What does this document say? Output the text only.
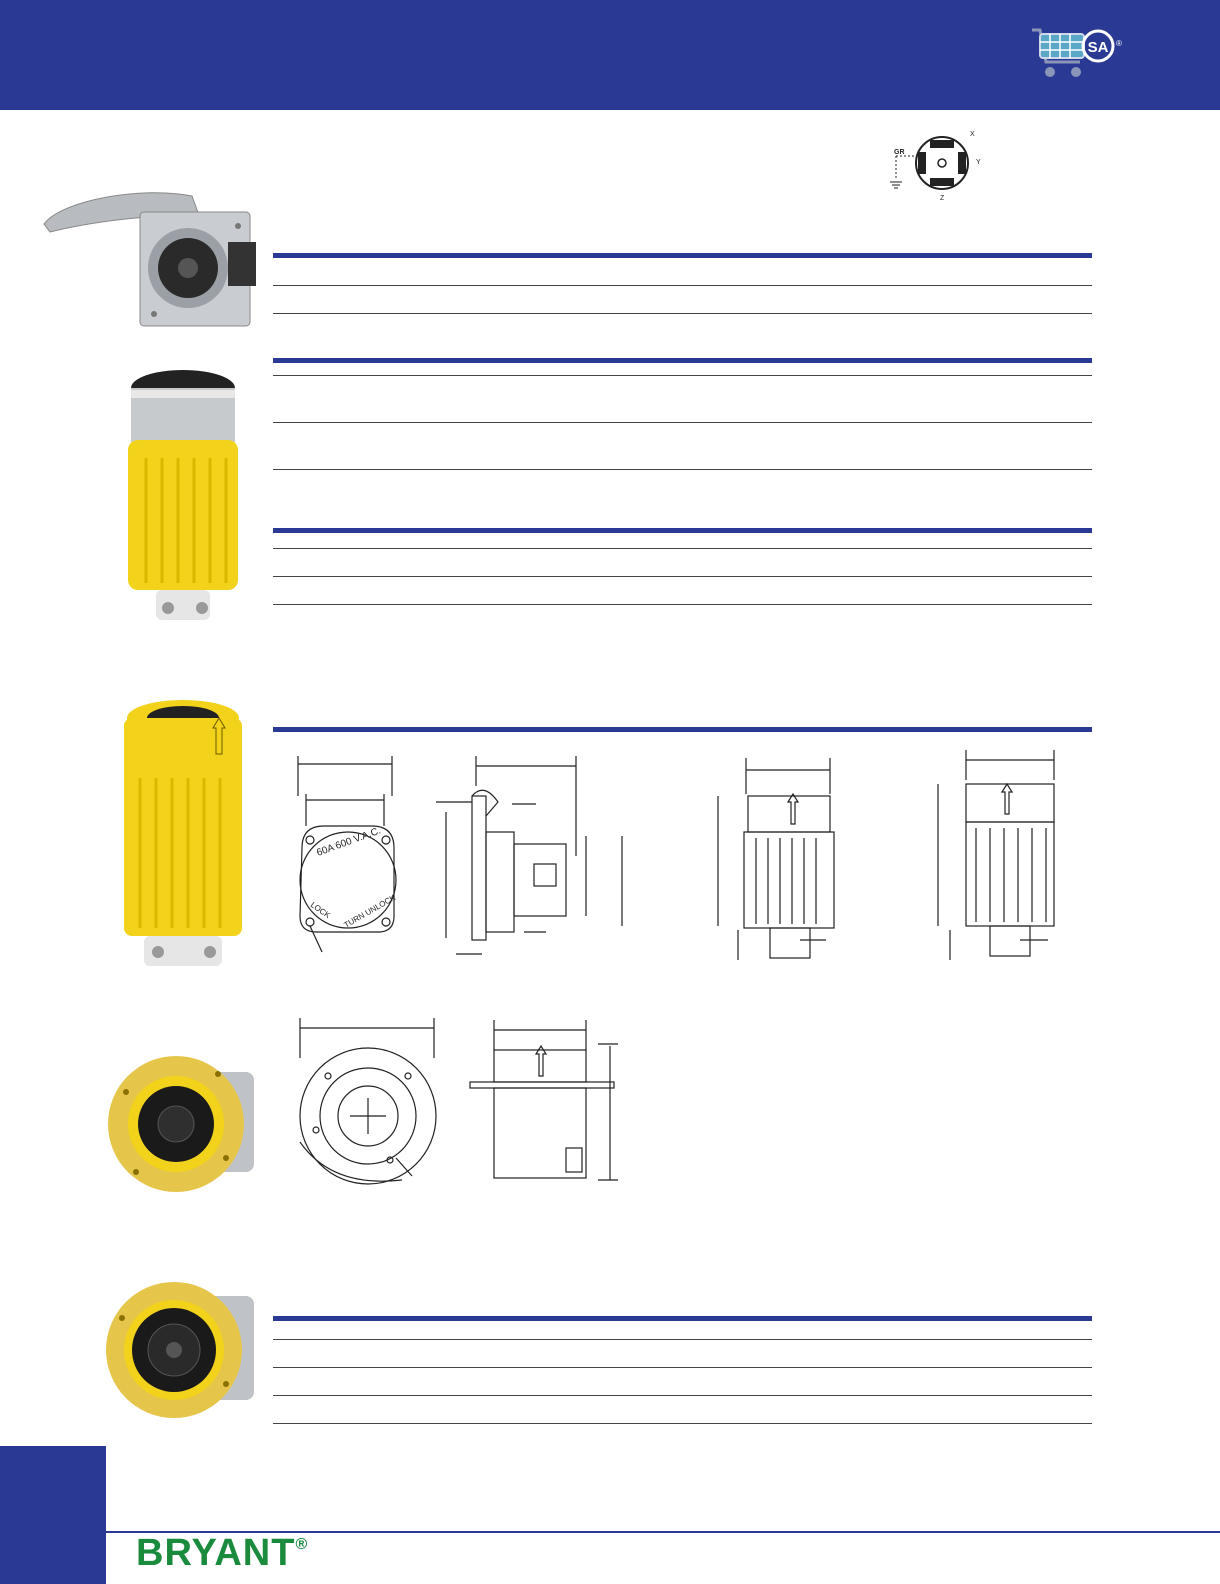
SA ®
GR
X
Y
Z
60A 600 V.A.C.
LOCK TURN UNLOCK
BRYANT®
